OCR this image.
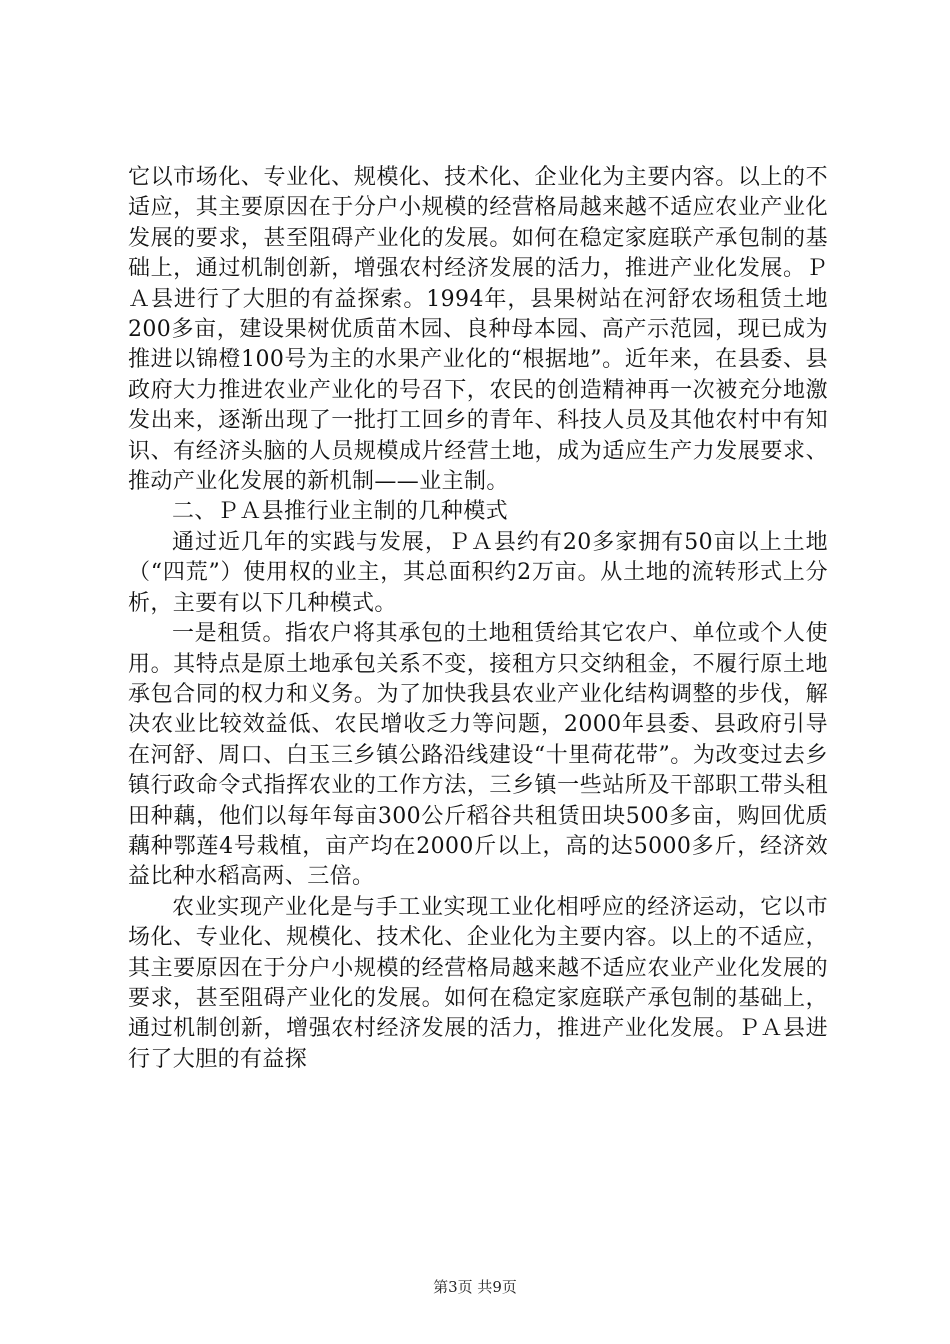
它以市场化、专业化、规模化、技术化、企业化为主要内容。以上的不适应，其主要原因在于分户小规模的经营格局越来越不适应农业产业化发展的要求，甚至阻碍产业化的发展。如何在稳定家庭联产承包制的基础上，通过机制创新，增强农村经济发展的活力，推进产业化发展。ＰＡ县进行了大胆的有益探索。1994年，县果树站在河舒农场租赁土地200多亩，建设果树优质苗木园、良种母本园、高产示范园，现已成为推进以锦橙100号为主的水果产业化的“根据地”。近年来，在县委、县政府大力推进农业产业化的号召下，农民的创造精神再一次被充分地激发出来，逐渐出现了一批打工回乡的青年、科技人员及其他农村中有知识、有经济头脑的人员规模成片经营土地，成为适应生产力发展要求、推动产业化发展的新机制——业主制。

二、ＰＡ县推行业主制的几种模式

通过近几年的实践与发展，ＰＡ县约有20多家拥有50亩以上土地（“四荒”）使用权的业主，其总面积约2万亩。从土地的流转形式上分析，主要有以下几种模式。

一是租赁。指农户将其承包的土地租赁给其它农户、单位或个人使用。其特点是原土地承包关系不变，接租方只交纳租金，不履行原土地承包合同的权力和义务。为了加快我县农业产业化结构调整的步伐，解决农业比较效益低、农民增收乏力等问题，2000年县委、县政府引导在河舒、周口、白玉三乡镇公路沿线建设“十里荷花带”。为改变过去乡镇行政命令式指挥农业的工作方法，三乡镇一些站所及干部职工带头租田种藕，他们以每年每亩300公斤稻谷共租赁田块500多亩，购回优质藕种鄂莲4号栽植，亩产均在2000斤以上，高的达5000多斤，经济效益比种水稻高两、三倍。

农业实现产业化是与手工业实现工业化相呼应的经济运动，它以市场化、专业化、规模化、技术化、企业化为主要内容。以上的不适应，其主要原因在于分户小规模的经营格局越来越不适应农业产业化发展的要求，甚至阻碍产业化的发展。如何在稳定家庭联产承包制的基础上，通过机制创新，增强农村经济发展的活力，推进产业化发展。ＰＡ县进行了大胆的有益探

第3页 共9页
